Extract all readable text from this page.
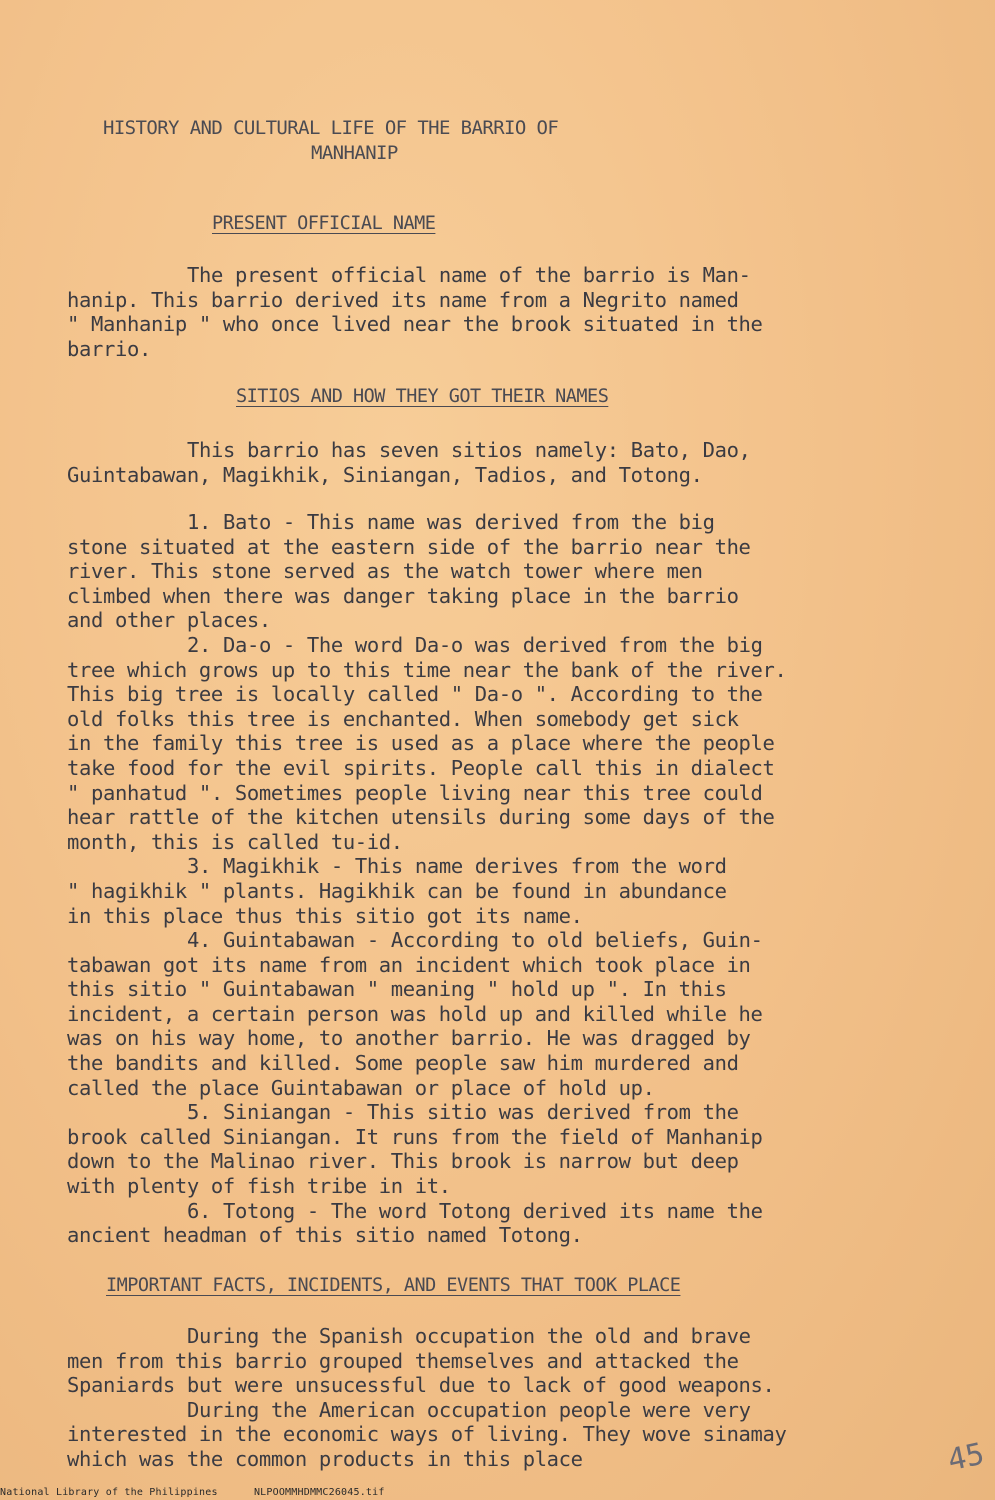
HISTORY AND CULTURAL LIFE OF THE BARRIO OF
MANHANIP
PRESENT OFFICIAL NAME

The present official name of the barrio is Man-
hanip. This barrio derived its name from a Negrito named
" Manhanip " who once lived near the brook situated in the
barrio.

SITIOS AND HOW THEY GOT THEIR NAMES

This barrio has seven sitios namely: Bato, Dao,
Guintabawan, Magikhik, Siniangan, Tadios, and Totong.

1. Bato - This name was derived from the big
stone situated at the eastern side of the barrio near the
river. This stone served as the watch tower where men
climbed when there was danger taking place in the barrio
and other places.
2. Da-o - The word Da-o was derived from the big
tree which grows up to this time near the bank of the river.
This big tree is locally called " Da-o ". According to the
old folks this tree is enchanted. When somebody get sick
in the family this tree is used as a place where the people
take food for the evil spirits. People call this in dialect
" panhatud ". Sometimes people living near this tree could
hear rattle of the kitchen utensils during some days of the
month, this is called tu-id.
3. Magikhik - This name derives from the word
" hagikhik " plants. Hagikhik can be found in abundance
in this place thus this sitio got its name.
4. Guintabawan - According to old beliefs, Guin-
tabawan got its name from an incident which took place in
this sitio " Guintabawan " meaning " hold up ". In this
incident, a certain person was hold up and killed while he
was on his way home, to another barrio. He was dragged by
the bandits and killed. Some people saw him murdered and
called the place Guintabawan or place of hold up.
5. Siniangan - This sitio was derived from the
brook called Siniangan. It runs from the field of Manhanip
down to the Malinao river. This brook is narrow but deep
with plenty of fish tribe in it.
6. Totong - The word Totong derived its name the
ancient headman of this sitio named Totong.

IMPORTANT FACTS, INCIDENTS, AND EVENTS THAT TOOK PLACE

During the Spanish occupation the old and brave
men from this barrio grouped themselves and attacked the
Spaniards but were unsucessful due to lack of good weapons.
During the American occupation people were very
interested in the economic ways of living. They wove sinamay
which was the common products in this place	45
National Library of the Philippines	NLPOOMMHDMMC26045.tif
